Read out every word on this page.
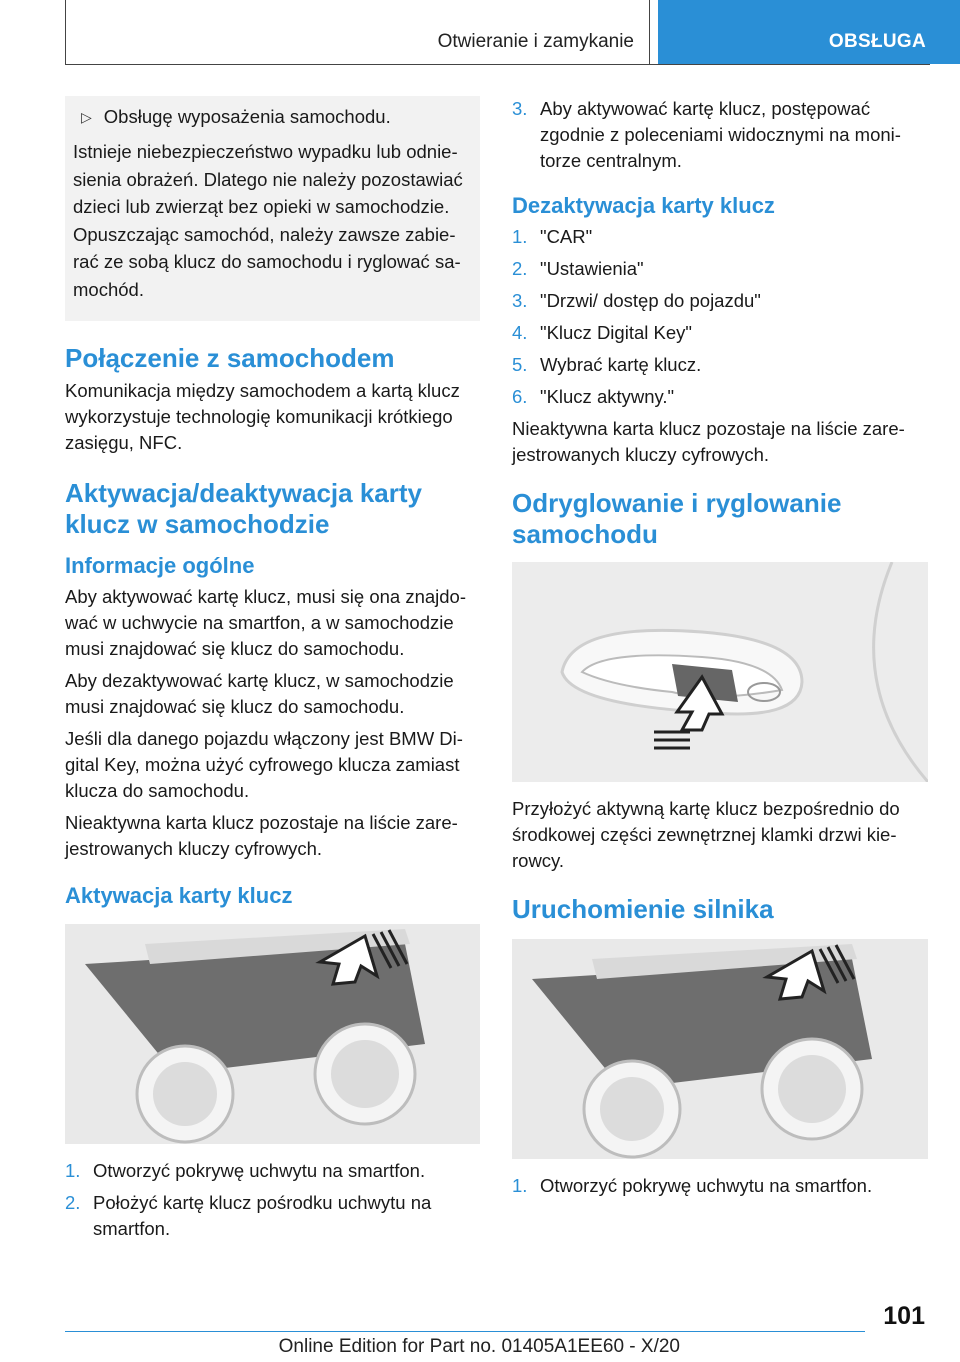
Otwieranie i zamykanie	OBSŁUGA
▷ Obsługę wyposażenia samochodu.

Istnieje niebezpieczeństwo wypadku lub odnie-sienia obrażeń. Dlatego nie należy pozostawiać dzieci lub zwierząt bez opieki w samochodzie. Opuszczając samochód, należy zawsze zabie-rać ze sobą klucz do samochodu i ryglować sa-mochód.

Połączenie z samochodem

Komunikacja między samochodem a kartą klucz wykorzystuje technologię komunikacji krótkiego zasięgu, NFC.

Aktywacja/deaktywacja karty klucz w samochodzie
Informacje ogólne

Aby aktywować kartę klucz, musi się ona znajdo-wać w uchwycie na smartfon, a w samochodzie musi znajdować się klucz do samochodu.

Aby dezaktywować kartę klucz, w samochodzie musi znajdować się klucz do samochodu.

Jeśli dla danego pojazdu włączony jest BMW Di-gital Key, można użyć cyfrowego klucza zamiast klucza do samochodu.

Nieaktywna karta klucz pozostaje na liście zare-jestrowanych kluczy cyfrowych.

Aktywacja karty klucz
1. Otworzyć pokrywę uchwytu na smartfon.
2. Położyć kartę klucz pośrodku uchwytu na smartfon.
3. Aby aktywować kartę klucz, postępować zgodnie z poleceniami widocznymi na moni-torze centralnym.
Dezaktywacja karty klucz
1. "CAR"
2. "Ustawienia"
3. "Drzwi/ dostęp do pojazdu"
4. "Klucz Digital Key"
5. Wybrać kartę klucz.
6. "Klucz aktywny."

Nieaktywna karta klucz pozostaje na liście zare-jestrowanych kluczy cyfrowych.

Odryglowanie i ryglowanie samochodu

Przyłożyć aktywną kartę klucz bezpośrednio do środkowej części zewnętrznej klamki drzwi kie-rowcy.

Uruchomienie silnika
1. Otworzyć pokrywę uchwytu na smartfon.
101
Online Edition for Part no. 01405A1EE60 - X/20
